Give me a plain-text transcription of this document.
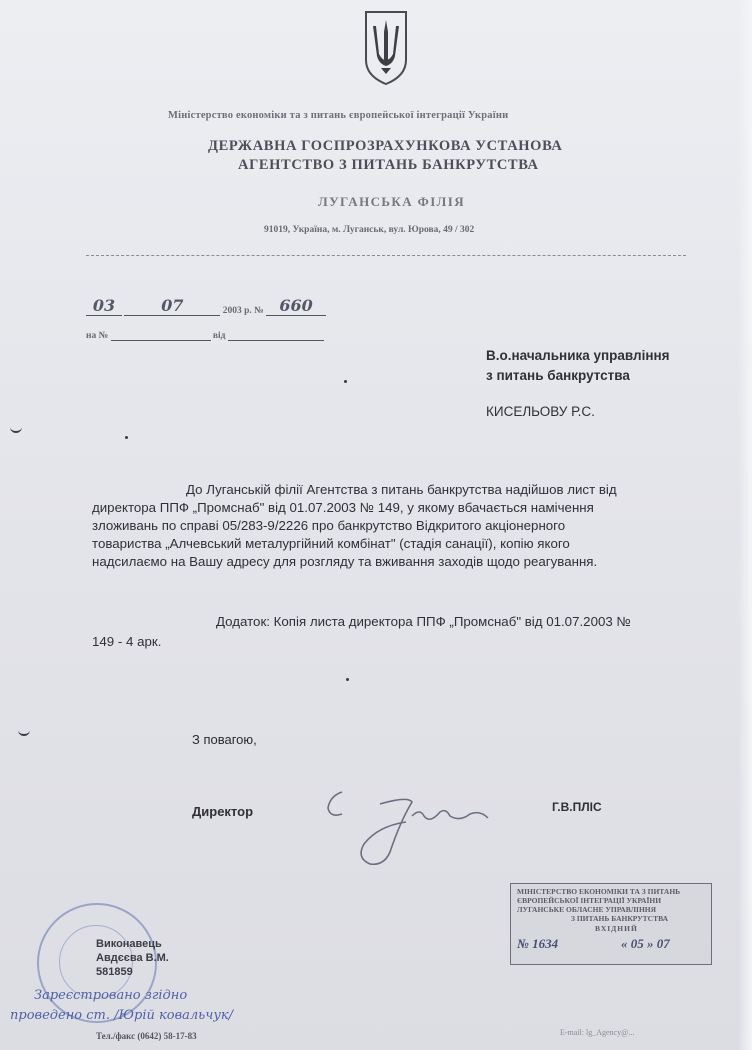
Міністерство економіки та з питань європейської інтеграції України
ДЕРЖАВНА ГОСПРОЗРАХУНКОВА УСТАНОВА
АГЕНТСТВО З ПИТАНЬ БАНКРУТСТВА
ЛУГАНСЬКА ФІЛІЯ
91019, Україна, м. Луганськ, вул. Юрова, 49 / 302
03	07	2003 р. № 660
на №	від
В.о.начальника управління
з питань банкрутства
КИСЕЛЬОВУ Р.С.
До Луганській філії Агентства з питань банкрутства надійшов лист від
директора ППФ „Промснаб" від 01.07.2003 № 149, у якому вбачається намічення
зложивань по справі 05/283-9/2226 про банкрутство Відкритого акціонерного
товариства „Алчевський металургійний комбінат" (стадія санації), копію якого
надсилаємо на Вашу адресу для розгляду та вживання заходів щодо реагування.
Додаток: Копія листа директора ППФ „Промснаб" від 01.07.2003 №
149 - 4 арк.
З повагою,
Директор	Г.В.ПЛІС
МІНІСТЕРСТВО ЕКОНОМІКИ ТА З ПИТАНЬ
ЄВРОПЕЙСЬКОЇ ІНТЕГРАЦІЇ УКРАЇНИ
ЛУГАНСЬКЕ ОБЛАСНЕ УПРАВЛІННЯ
З ПИТАНЬ БАНКРУТСТВА
ВХІДНИЙ
№ 1634	« 05 » 07
Виконавець
Авдєєва В.М.
581859
Зареєстровано згідно
проведено ст. /Юрій ковальчук/
Тел./факс (0642) 58-17-83	E-mail: lg_Agency@...
